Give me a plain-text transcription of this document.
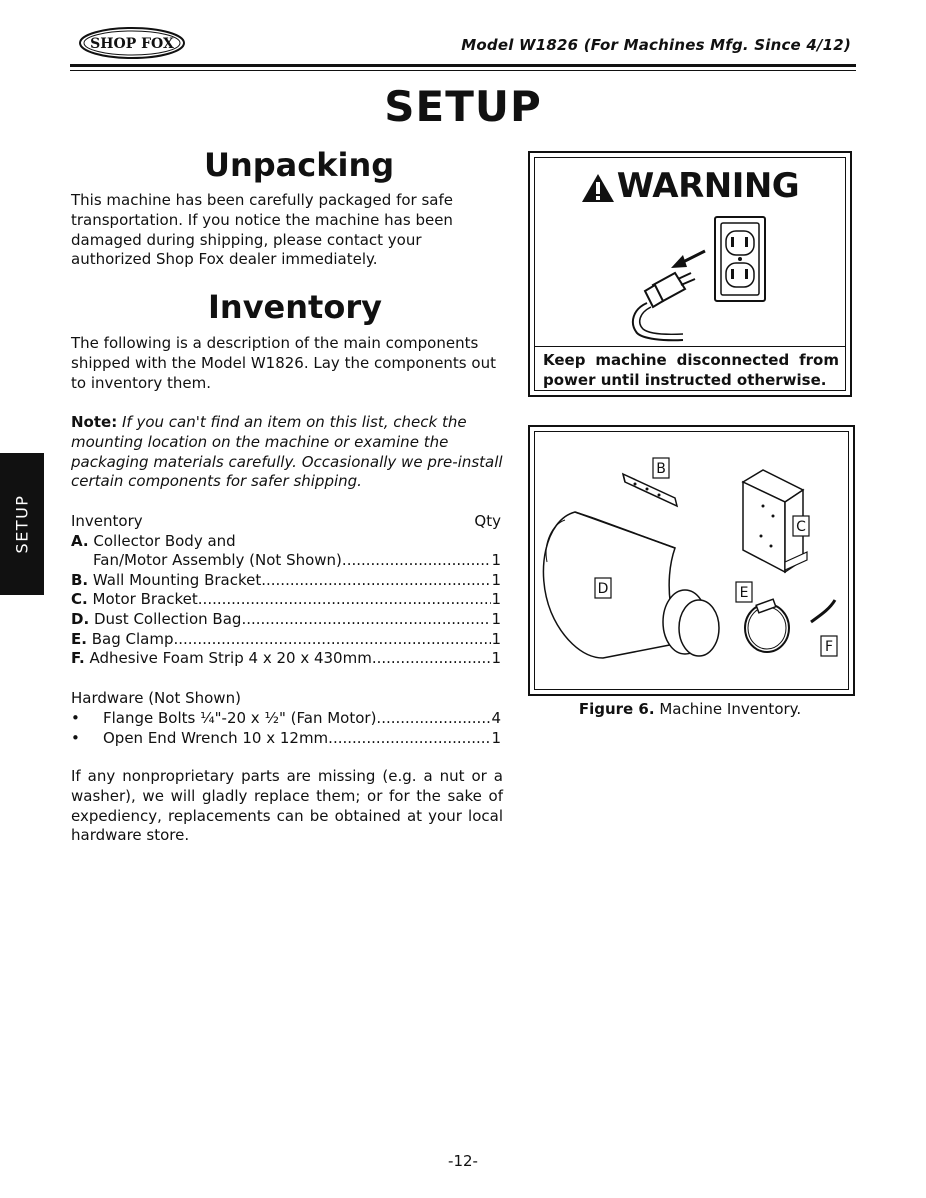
SHOP FOX	Model W1826 (For Machines Mfg. Since 4/12)
SETUP
SETUP
Unpacking
This machine has been carefully packaged for safe transportation. If you notice the machine has been damaged during shipping, please contact your authorized Shop Fox dealer immediately.
Inventory
The following is a description of the main components shipped with the Model W1826. Lay the components out to inventory them.
Note: If you can't find an item on this list, check the mounting location on the machine or examine the packaging materials carefully. Occasionally we pre-install certain components for safer shipping.
Inventory	Qty
A.
Collector Body and
Fan/Motor Assembly (Not Shown) .....	1
B.
Wall Mounting Bracket .....	1
C.
Motor Bracket .....	1
D.
Dust Collection Bag .....	1
E.
Bag Clamp .....	1
F.
Adhesive Foam Strip 4 x 20 x 430mm .....	1
Hardware (Not Shown)
•	Flange Bolts ¹⁄₄"-20 x ¹⁄₂" (Fan Motor) .....	4
•	Open End Wrench 10 x 12mm .....	1
If any nonproprietary parts are missing (e.g. a nut or a washer), we will gladly replace them; or for the sake of expediency, replacements can be obtained at your local hardware store.
WARNING
Keep machine disconnected from power until instructed otherwise.
B
C
D	E
F
Figure 6. Machine Inventory.
-12-
